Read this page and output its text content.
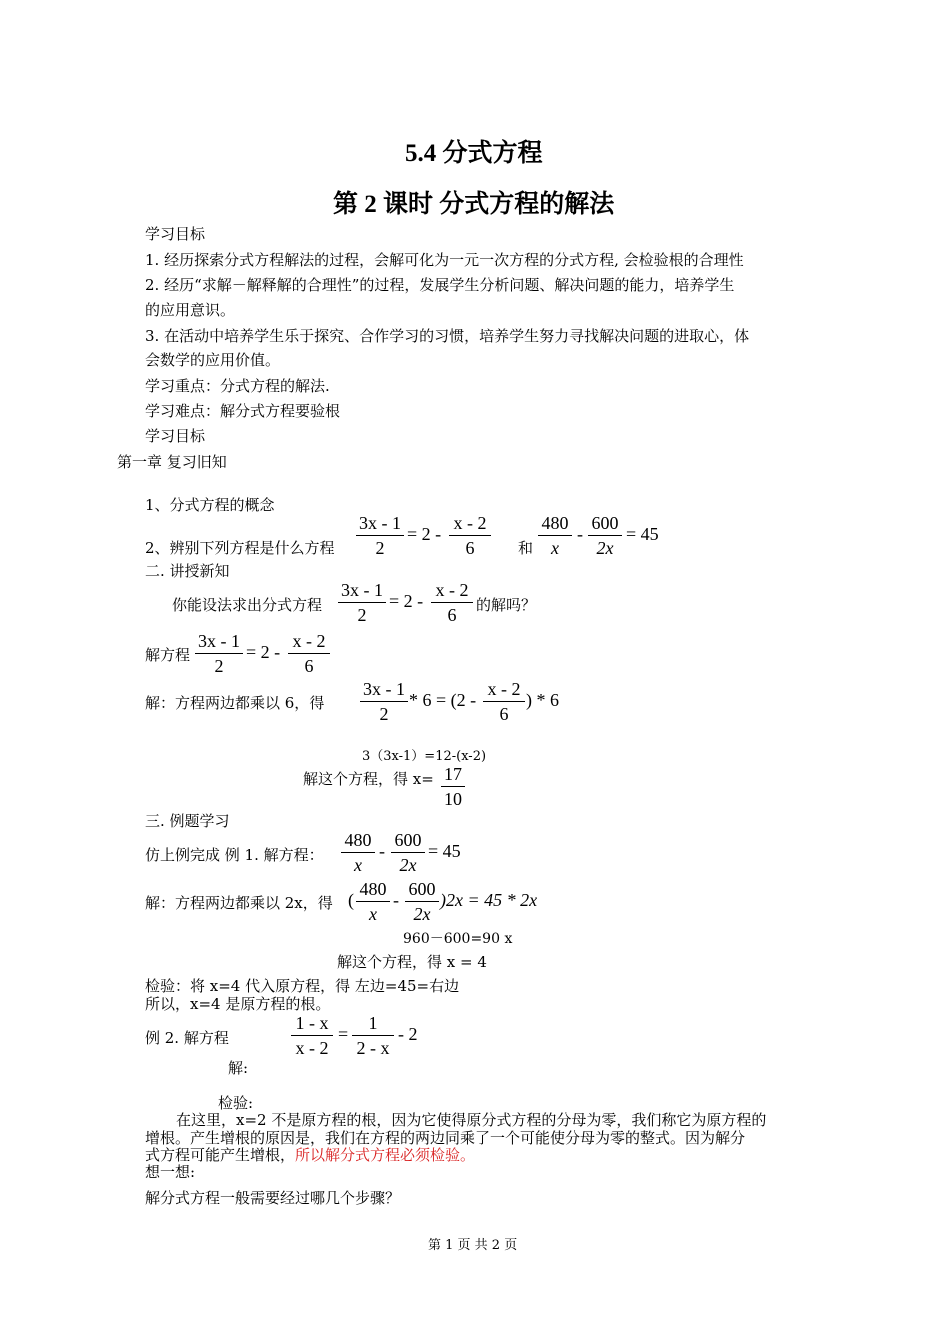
5.4 分式方程
第 2 课时 分式方程的解法
学习目标
1. 经历探索分式方程解法的过程，会解可化为一元一次方程的分式方程, 会检验根的合理性
2. 经历“求解－解释解的合理性”的过程，发展学生分析问题、解决问题的能力，培养学生
的应用意识。
3. 在活动中培养学生乐于探究、合作学习的习惯，培养学生努力寻找解决问题的进取心，体
会数学的应用价值。
学习重点：分式方程的解法.
学习难点：解分式方程要验根
学习目标
第一章 复习旧知
1、分式方程的概念
2、辨别下列方程是什么方程
3x - 1
2
= 2 -
x - 2
6	和
480
x
-
600
2x
= 45
二. 讲授新知
你能设法求出分式方程
3x - 1
2
= 2 -
x - 2
6	的解吗？
解方程
3x - 1
2
= 2 -
x - 2
6
解：方程两边都乘以 6，得
3x - 1
2
* 6 = (2 -
x - 2
6
) * 6
3（3x-1）=12-(x-2)
解这个方程，得 x= 17
10
三. 例题学习
仿上例完成 例 1. 解方程：
480
x
-
600
2x
= 45
解：方程两边都乘以 2x，得 (
480
x
-
600
2x
)2x = 45 * 2x
960－600=90 x
解这个方程，得 x = 4
检验：将 x=4 代入原方程，得 左边=45=右边
所以，x=4 是原方程的根。
例 2. 解方程
1 - x
x - 2
=
1
2 - x
- 2
解:
检验:
在这里，x=2 不是原方程的根，因为它使得原分式方程的分母为零，我们称它为原方程的
增根。产生增根的原因是，我们在方程的两边同乘了一个可能使分母为零的整式。因为解分
式方程可能产生增根，所以解分式方程必须检验。
想一想:
解分式方程一般需要经过哪几个步骤？
第 1 页 共 2 页
